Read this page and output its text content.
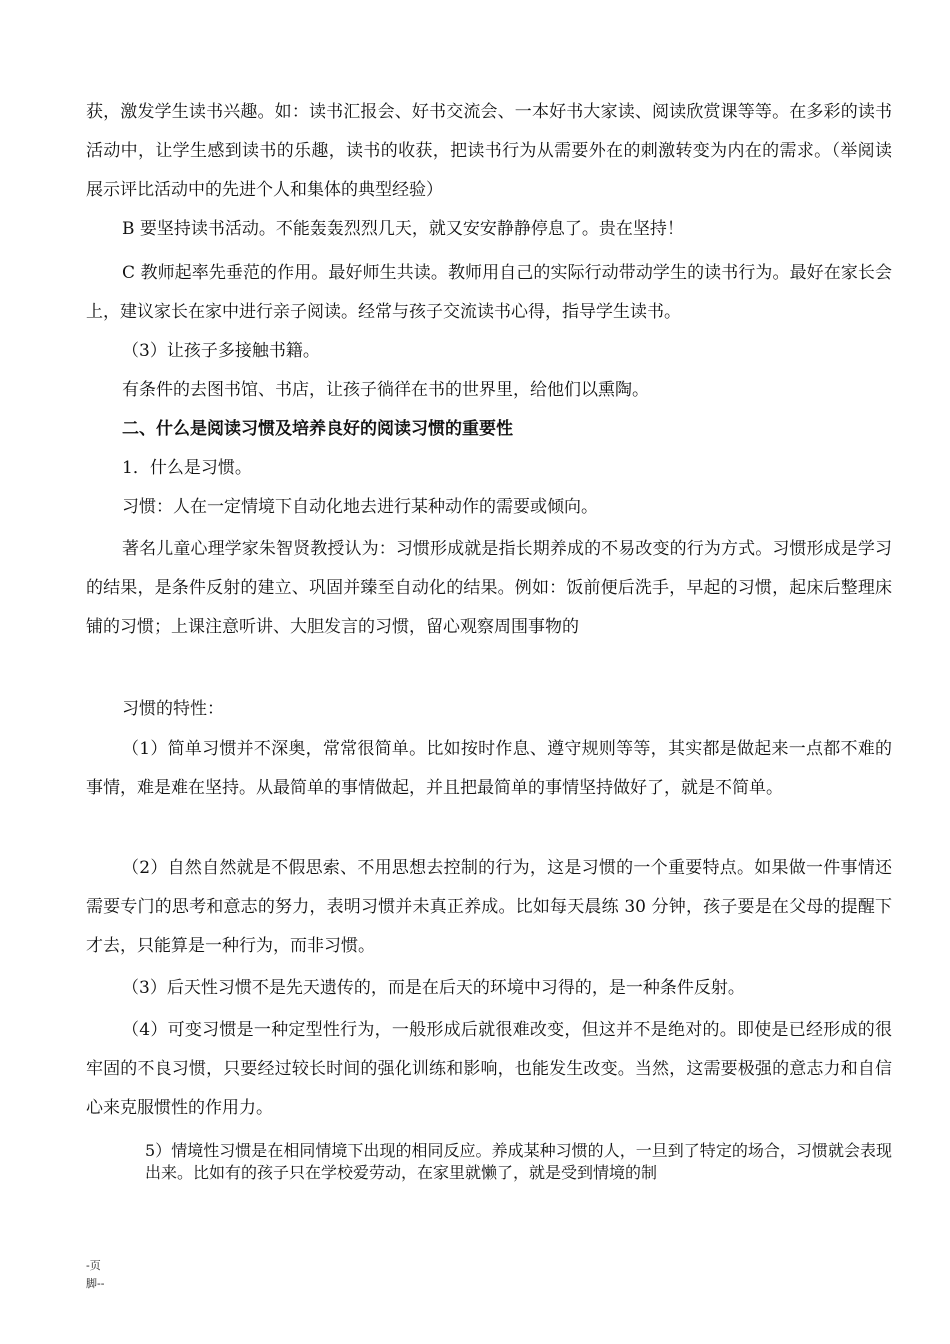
获，激发学生读书兴趣。如：读书汇报会、好书交流会、一本好书大家读、阅读欣赏课等等。在多彩的读书活动中，让学生感到读书的乐趣，读书的收获，把读书行为从需要外在的刺激转变为内在的需求。（举阅读展示评比活动中的先进个人和集体的典型经验）

B 要坚持读书活动。不能轰轰烈烈几天，就又安安静静停息了。贵在坚持！

C 教师起率先垂范的作用。最好师生共读。教师用自己的实际行动带动学生的读书行为。最好在家长会上，建议家长在家中进行亲子阅读。经常与孩子交流读书心得，指导学生读书。

（3）让孩子多接触书籍。

有条件的去图书馆、书店，让孩子徜徉在书的世界里，给他们以熏陶。

二、什么是阅读习惯及培养良好的阅读习惯的重要性

1．什么是习惯。

习惯：人在一定情境下自动化地去进行某种动作的需要或倾向。

著名儿童心理学家朱智贤教授认为：习惯形成就是指长期养成的不易改变的行为方式。习惯形成是学习的结果，是条件反射的建立、巩固并臻至自动化的结果。例如：饭前便后洗手，早起的习惯，起床后整理床铺的习惯；上课注意听讲、大胆发言的习惯，留心观察周围事物的

习惯的特性：

（1）简单习惯并不深奥，常常很简单。比如按时作息、遵守规则等等，其实都是做起来一点都不难的事情，难是难在坚持。从最简单的事情做起，并且把最简单的事情坚持做好了，就是不简单。

（2）自然自然就是不假思索、不用思想去控制的行为，这是习惯的一个重要特点。如果做一件事情还需要专门的思考和意志的努力，表明习惯并未真正养成。比如每天晨练 30 分钟，孩子要是在父母的提醒下才去，只能算是一种行为，而非习惯。

（3）后天性习惯不是先天遗传的，而是在后天的环境中习得的，是一种条件反射。

（4）可变习惯是一种定型性行为，一般形成后就很难改变，但这并不是绝对的。即使是已经形成的很牢固的不良习惯，只要经过较长时间的强化训练和影响，也能发生改变。当然，这需要极强的意志力和自信心来克服惯性的作用力。

5）情境性习惯是在相同情境下出现的相同反应。养成某种习惯的人，一旦到了特定的场合，习惯就会表现出来。比如有的孩子只在学校爱劳动，在家里就懒了，就是受到情境的制

-页
脚--
